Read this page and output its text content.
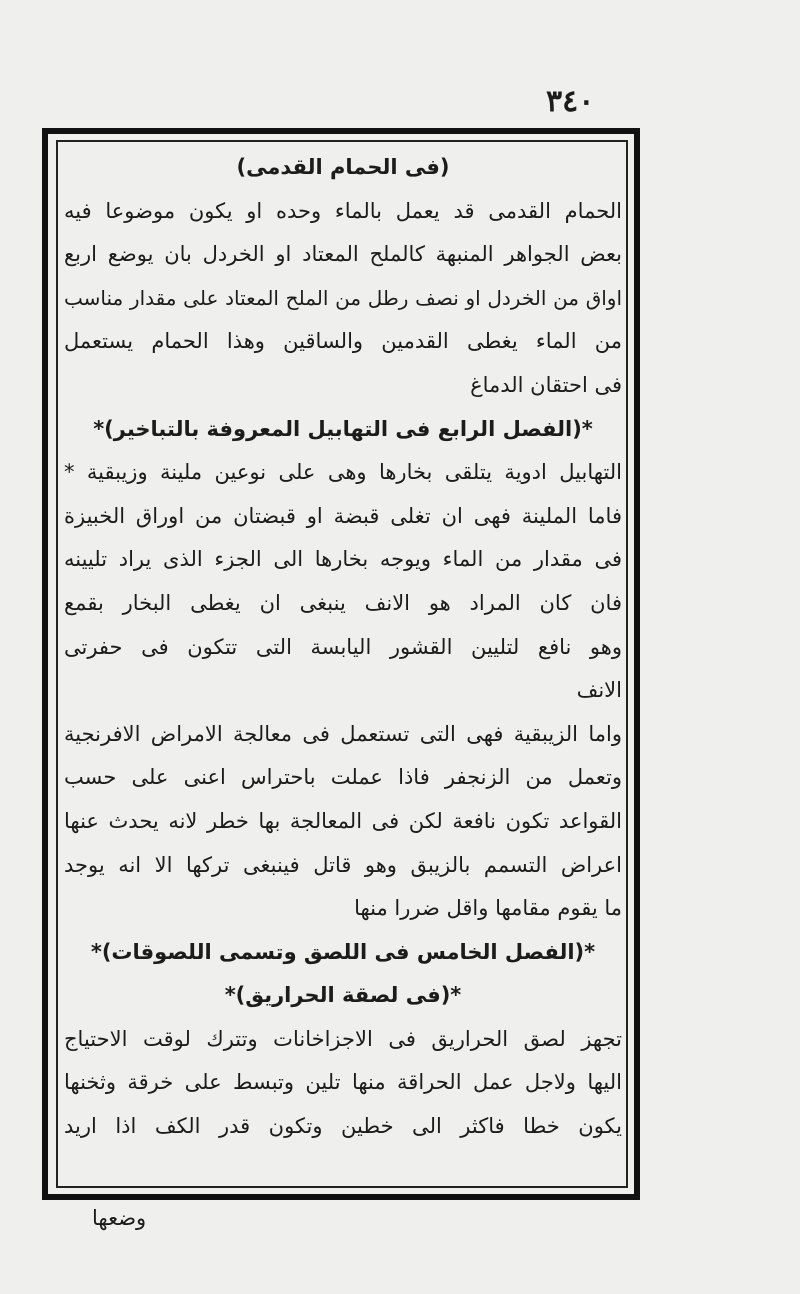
٣٤٠
(فى الحمام القدمى)
الحمام القدمى قد يعمل بالماء وحده او يكون موضوعا فيه
بعض الجواهر المنبهة كالملح المعتاد او الخردل بان يوضع اربع
اواق من الخردل او نصف رطل من الملح المعتاد على مقدار مناسب
من الماء يغطى القدمين والساقين وهذا الحمام يستعمل
فى احتقان الدماغ
*(الفصل الرابع فى التهابيل المعروفة بالتباخير)*
التهابيل ادوية يتلقى بخارها وهى على نوعين ملينة وزيبقية *
فاما الملينة فهى ان تغلى قبضة او قبضتان من اوراق الخبيزة
فى مقدار من الماء ويوجه بخارها الى الجزء الذى يراد تليينه
فان كان المراد هو الانف ينبغى ان يغطى البخار بقمع
وهو نافع لتليين القشور اليابسة التى تتكون فى حفرتى
الانف
واما الزيبقية فهى التى تستعمل فى معالجة الامراض الافرنجية
وتعمل من الزنجفر فاذا عملت باحتراس اعنى على حسب
القواعد تكون نافعة لكن فى المعالجة بها خطر لانه يحدث عنها
اعراض التسمم بالزيبق وهو قاتل فينبغى تركها الا انه يوجد
ما يقوم مقامها واقل ضررا منها
*(الفصل الخامس فى اللصق وتسمى اللصوقات)*
*(فى لصقة الحراريق)*
تجهز لصق الحراريق فى الاجزاخانات وتترك لوقت الاحتياج
اليها ولاجل عمل الحراقة منها تلين وتبسط على خرقة وثخنها
يكون خطا فاكثر الى خطين وتكون قدر الكف اذا اريد
وضعها
